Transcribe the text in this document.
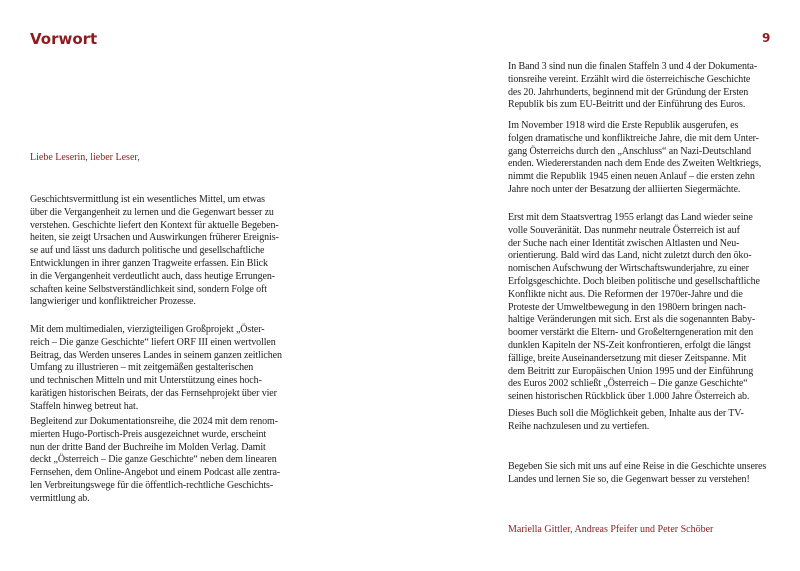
Vorwort	9
Liebe Leserin, lieber Leser,
Geschichtsvermittlung ist ein wesentliches Mittel, um etwas
über die Vergangenheit zu lernen und die Gegenwart besser zu
verstehen. Geschichte liefert den Kontext für aktuelle Begeben-
heiten, sie zeigt Ursachen und Auswirkungen früherer Ereignis-
se auf und lässt uns dadurch politische und gesellschaftliche
Entwicklungen in ihrer ganzen Tragweite erfassen. Ein Blick
in die Vergangenheit verdeutlicht auch, dass heutige Errungen-
schaften keine Selbstverständlichkeit sind, sondern Folge oft
langwieriger und konfliktreicher Prozesse.
Mit dem multimedialen, vierzigteiligen Großprojekt „Öster-
reich – Die ganze Geschichte“ liefert ORF III einen wertvollen
Beitrag, das Werden unseres Landes in seinem ganzen zeitlichen
Umfang zu illustrieren – mit zeitgemäßen gestalterischen
und technischen Mitteln und mit Unterstützung eines hoch-
karätigen historischen Beirats, der das Fernsehprojekt über vier
Staffeln hinweg betreut hat.
Begleitend zur Dokumentationsreihe, die 2024 mit dem renom-
mierten Hugo-Portisch-Preis ausgezeichnet wurde, erscheint
nun der dritte Band der Buchreihe im Molden Verlag. Damit
deckt „Österreich – Die ganze Geschichte“ neben dem linearen
Fernsehen, dem Online-Angebot und einem Podcast alle zentra-
len Verbreitungswege für die öffentlich-rechtliche Geschichts-
vermittlung ab.
In Band 3 sind nun die finalen Staffeln 3 und 4 der Dokumenta-
tionsreihe vereint. Erzählt wird die österreichische Geschichte
des 20. Jahrhunderts, beginnend mit der Gründung der Ersten
Republik bis zum EU-Beitritt und der Einführung des Euros.
Im November 1918 wird die Erste Republik ausgerufen, es
folgen dramatische und konfliktreiche Jahre, die mit dem Unter-
gang Österreichs durch den „Anschluss“ an Nazi-Deutschland
enden. Wiedererstanden nach dem Ende des Zweiten Weltkriegs,
nimmt die Republik 1945 einen neuen Anlauf – die ersten zehn
Jahre noch unter der Besatzung der alliierten Siegermächte.
Erst mit dem Staatsvertrag 1955 erlangt das Land wieder seine
volle Souveränität. Das nunmehr neutrale Österreich ist auf
der Suche nach einer Identität zwischen Altlasten und Neu-
orientierung. Bald wird das Land, nicht zuletzt durch den öko-
nomischen Aufschwung der Wirtschaftswunderjahre, zu einer
Erfolgsgeschichte. Doch bleiben politische und gesellschaftliche
Konflikte nicht aus. Die Reformen der 1970er-Jahre und die
Proteste der Umweltbewegung in den 1980ern bringen nach-
haltige Veränderungen mit sich. Erst als die sogenannten Baby-
boomer verstärkt die Eltern- und Großelterngeneration mit den
dunklen Kapiteln der NS-Zeit konfrontieren, erfolgt die längst
fällige, breite Auseinandersetzung mit dieser Zeitspanne. Mit
dem Beitritt zur Europäischen Union 1995 und der Einführung
des Euros 2002 schließt „Österreich – Die ganze Geschichte“
seinen historischen Rückblick über 1.000 Jahre Österreich ab.
Dieses Buch soll die Möglichkeit geben, Inhalte aus der TV-
Reihe nachzulesen und zu vertiefen.
Begeben Sie sich mit uns auf eine Reise in die Geschichte unseres
Landes und lernen Sie so, die Gegenwart besser zu verstehen!
Mariella Gittler, Andreas Pfeifer und Peter Schöber
